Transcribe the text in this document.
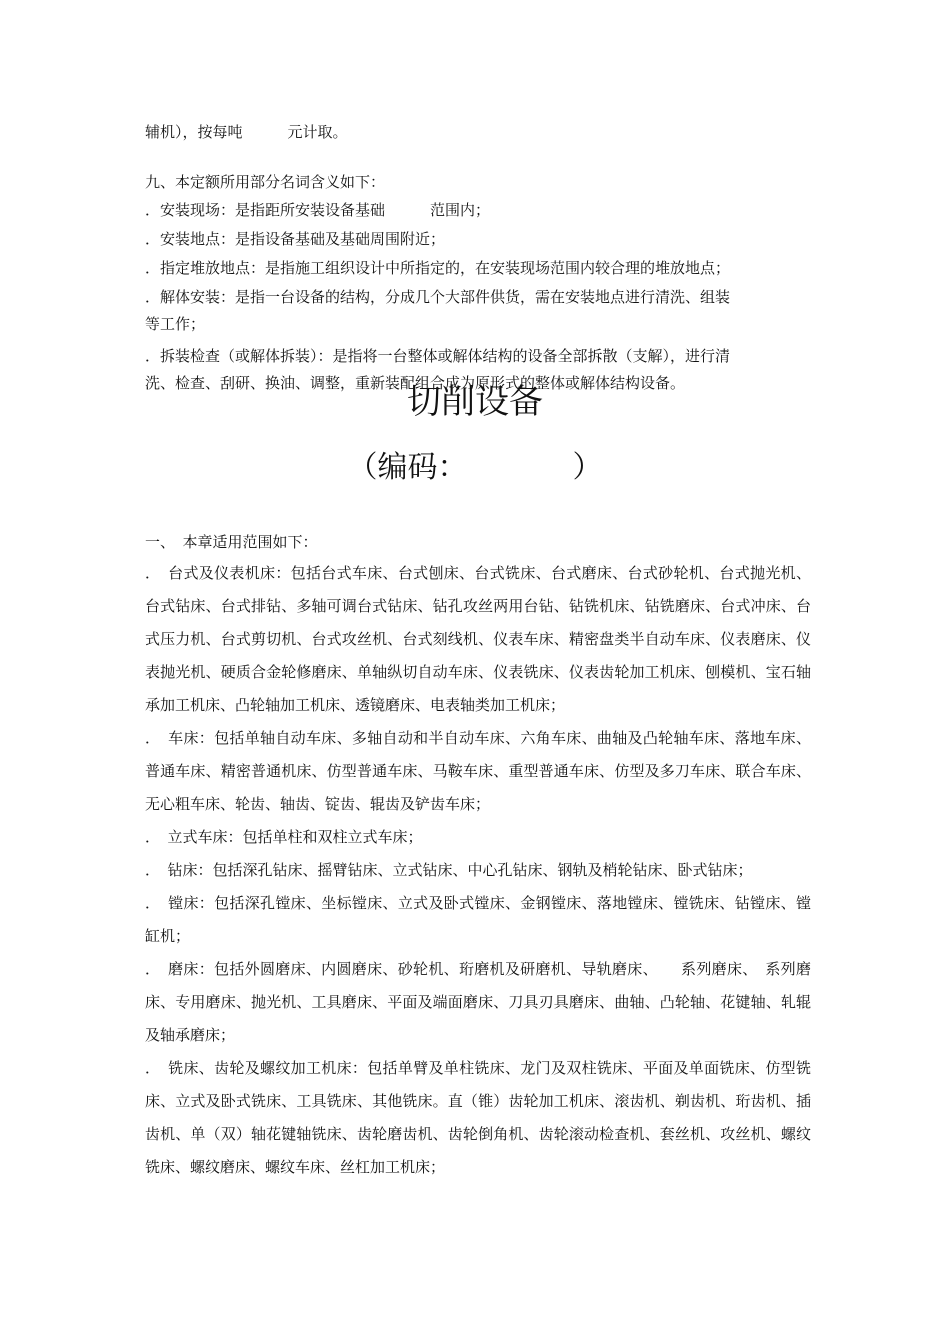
辅机），按每吨　　　元计取。
九、本定额所用部分名词含义如下：
．安装现场：是指距所安装设备基础　　　范围内；
．安装地点：是指设备基础及基础周围附近；
．指定堆放地点：是指施工组织设计中所指定的，在安装现场范围内较合理的堆放地点；
．解体安装：是指一台设备的结构，分成几个大部件供货，需在安装地点进行清洗、组装
等工作；
．拆装检查（或解体拆装）：是指将一台整体或解体结构的设备全部拆散（支解），进行清
洗、检查、刮研、换油、调整，重新装配组合成为原形式的整体或解体结构设备。
切削设备
（编码：　　　　）
一、　本章适用范围如下：

．　台式及仪表机床：包括台式车床、台式刨床、台式铣床、台式磨床、台式砂轮机、台式抛光机、台式钻床、台式排钻、多轴可调台式钻床、钻孔攻丝两用台钻、钻铣机床、钻铣磨床、台式冲床、台式压力机、台式剪切机、台式攻丝机、台式刻线机、仪表车床、精密盘类半自动车床、仪表磨床、仪表抛光机、硬质合金轮修磨床、单轴纵切自动车床、仪表铣床、仪表齿轮加工机床、刨模机、宝石轴承加工机床、凸轮轴加工机床、透镜磨床、电表轴类加工机床；

．　车床：包括单轴自动车床、多轴自动和半自动车床、六角车床、曲轴及凸轮轴车床、落地车床、普通车床、精密普通机床、仿型普通车床、马鞍车床、重型普通车床、仿型及多刀车床、联合车床、无心粗车床、轮齿、轴齿、锭齿、辊齿及铲齿车床；

．　立式车床：包括单柱和双柱立式车床；

．　钻床：包括深孔钻床、摇臂钻床、立式钻床、中心孔钻床、钢轨及梢轮钻床、卧式钻床；

．　镗床：包括深孔镗床、坐标镗床、立式及卧式镗床、金钢镗床、落地镗床、镗铣床、钻镗床、镗缸机；

．　磨床：包括外圆磨床、内圆磨床、砂轮机、珩磨机及研磨机、导轨磨床、　　系列磨床、　系列磨床、专用磨床、抛光机、工具磨床、平面及端面磨床、刀具刃具磨床、曲轴、凸轮轴、花键轴、轧辊及轴承磨床；

．　铣床、齿轮及螺纹加工机床：包括单臂及单柱铣床、龙门及双柱铣床、平面及单面铣床、仿型铣床、立式及卧式铣床、工具铣床、其他铣床。直（锥）齿轮加工机床、滚齿机、剃齿机、珩齿机、插齿机、单（双）轴花键轴铣床、齿轮磨齿机、齿轮倒角机、齿轮滚动检查机、套丝机、攻丝机、螺纹铣床、螺纹磨床、螺纹车床、丝杠加工机床；
